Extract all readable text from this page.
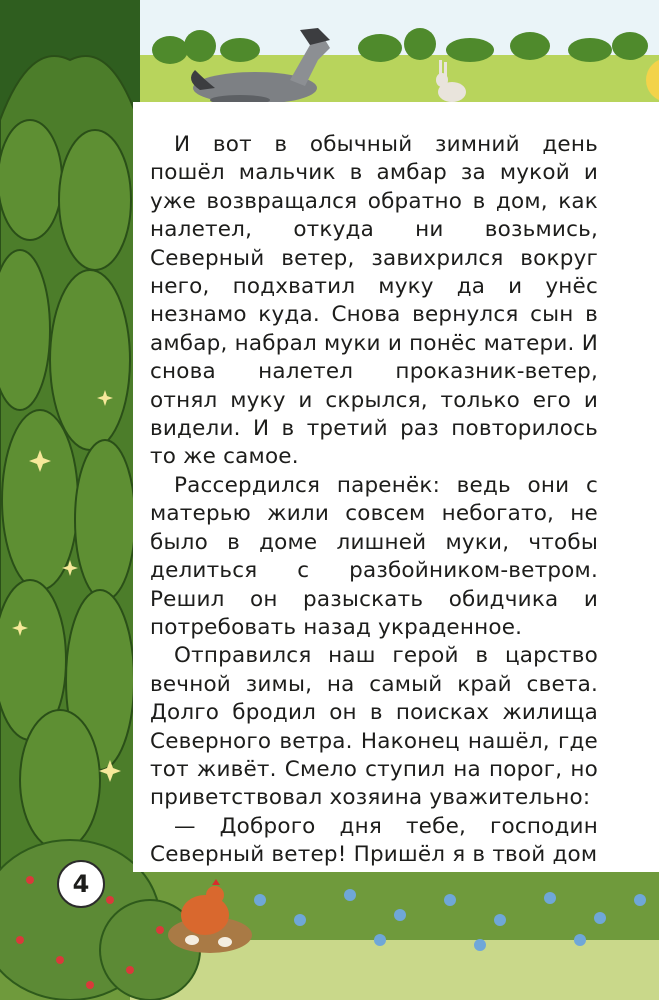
И вот в обычный зимний день пошёл мальчик в амбар за мукой и уже возвращался обратно в дом, как налетел, откуда ни возьмись, Северный ветер, завихрился вокруг него, подхватил муку да и унёс незнамо куда. Снова вернулся сын в амбар, набрал муки и понёс матери. И снова налетел проказник-ветер, отнял муку и скрылся, только его и видели. И в третий раз повторилось то же самое.

Рассердился паренёк: ведь они с матерью жили совсем небогато, не было в доме лишней муки, чтобы делиться с разбойником-ветром. Решил он разыскать обидчика и потребовать назад украденное.

Отправился наш герой в царство вечной зимы, на самый край света. Долго бродил он в поисках жилища Северного ветра. Наконец нашёл, где тот живёт. Смело ступил на порог, но приветствовал хозяина уважительно:

— Доброго дня тебе, господин Северный ветер! Пришёл я в твой дом

4
